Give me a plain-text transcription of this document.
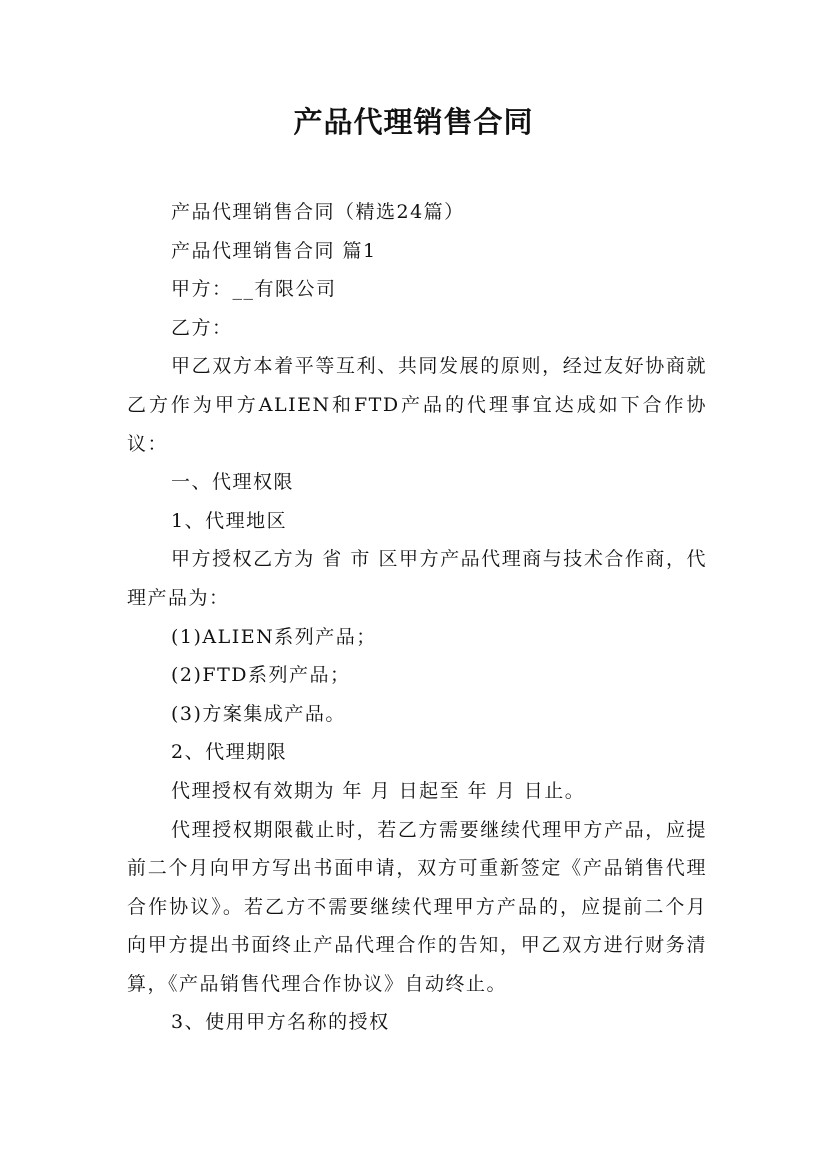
产品代理销售合同

产品代理销售合同（精选24篇）

产品代理销售合同 篇1

甲方：__有限公司

乙方：

甲乙双方本着平等互利、共同发展的原则，经过友好协商就乙方作为甲方ALIEN和FTD产品的代理事宜达成如下合作协议：

一、代理权限

1、代理地区

甲方授权乙方为 省 市 区甲方产品代理商与技术合作商，代理产品为：

(1)ALIEN系列产品；

(2)FTD系列产品；

(3)方案集成产品。

2、代理期限

代理授权有效期为 年 月 日起至 年 月 日止。

代理授权期限截止时，若乙方需要继续代理甲方产品，应提前二个月向甲方写出书面申请，双方可重新签定《产品销售代理合作协议》。若乙方不需要继续代理甲方产品的，应提前二个月向甲方提出书面终止产品代理合作的告知，甲乙双方进行财务清算，《产品销售代理合作协议》自动终止。

3、使用甲方名称的授权
